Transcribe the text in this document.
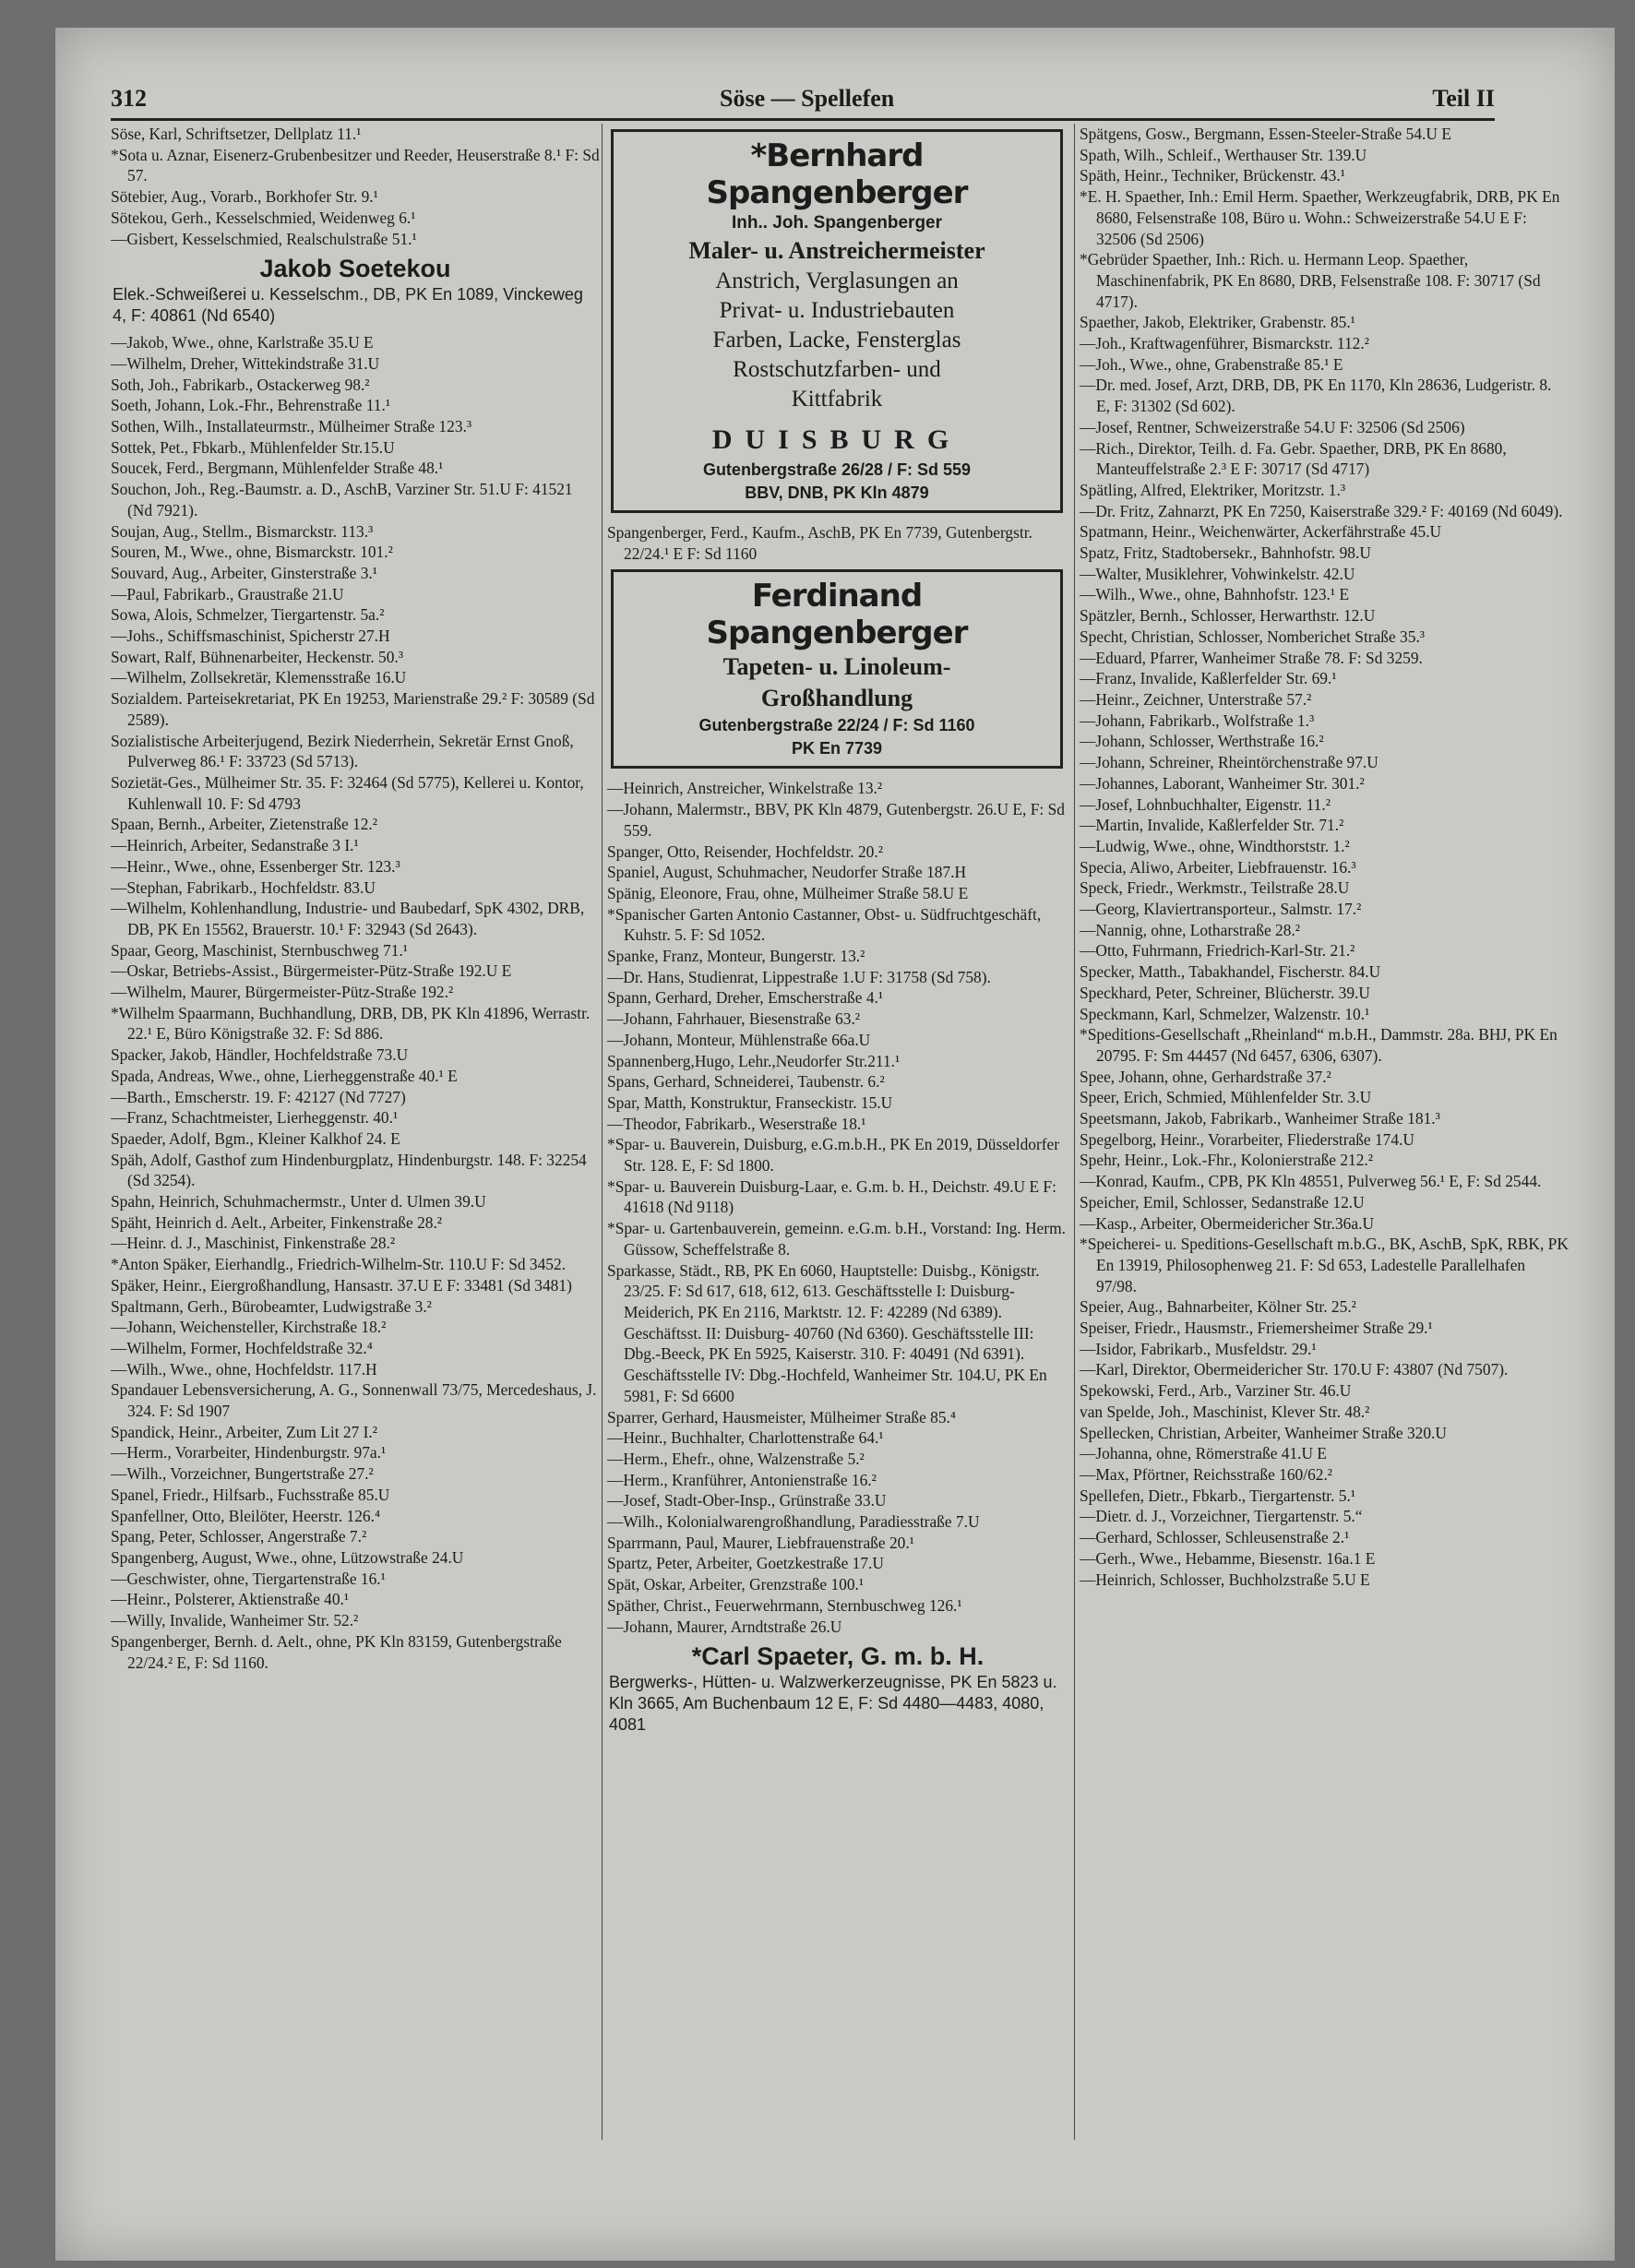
312	Söse — Spellefen	Teil II

Söse, Karl, Schriftsetzer, Dellplatz 11.¹

*Sota u. Aznar, Eisenerz-Grubenbesitzer und Reeder, Heuserstraße 8.¹ F: Sd 57.

Sötebier, Aug., Vorarb., Borkhofer Str. 9.¹

Sötekou, Gerh., Kesselschmied, Weidenweg 6.¹

—Gisbert, Kesselschmied, Realschulstraße 51.¹

Jakob Soetekou
Elek.-Schweißerei u. Kesselschm., DB, PK En 1089, Vinckeweg 4, F: 40861 (Nd 6540)

—Jakob, Wwe., ohne, Karlstraße 35.U E

—Wilhelm, Dreher, Wittekindstraße 31.U

Soth, Joh., Fabrikarb., Ostackerweg 98.²

Soeth, Johann, Lok.-Fhr., Behrenstraße 11.¹

Sothen, Wilh., Installateurmstr., Mülheimer Straße 123.³

Sottek, Pet., Fbkarb., Mühlenfelder Str.15.U

Soucek, Ferd., Bergmann, Mühlenfelder Straße 48.¹

Souchon, Joh., Reg.-Baumstr. a. D., AschB, Varziner Str. 51.U F: 41521 (Nd 7921).

Soujan, Aug., Stellm., Bismarckstr. 113.³

Souren, M., Wwe., ohne, Bismarckstr. 101.²

Souvard, Aug., Arbeiter, Ginsterstraße 3.¹

—Paul, Fabrikarb., Graustraße 21.U

Sowa, Alois, Schmelzer, Tiergartenstr. 5a.²

—Johs., Schiffsmaschinist, Spicherstr 27.H

Sowart, Ralf, Bühnenarbeiter, Heckenstr. 50.³

—Wilhelm, Zollsekretär, Klemensstraße 16.U

Sozialdem. Parteisekretariat, PK En 19253, Marienstraße 29.² F: 30589 (Sd 2589).

Sozialistische Arbeiterjugend, Bezirk Niederrhein, Sekretär Ernst Gnoß, Pulverweg 86.¹ F: 33723 (Sd 5713).

Sozietät-Ges., Mülheimer Str. 35. F: 32464 (Sd 5775), Kellerei u. Kontor, Kuhlenwall 10. F: Sd 4793

Spaan, Bernh., Arbeiter, Zietenstraße 12.²

—Heinrich, Arbeiter, Sedanstraße 3 I.¹

—Heinr., Wwe., ohne, Essenberger Str. 123.³

—Stephan, Fabrikarb., Hochfeldstr. 83.U

—Wilhelm, Kohlenhandlung, Industrie- und Baubedarf, SpK 4302, DRB, DB, PK En 15562, Brauerstr. 10.¹ F: 32943 (Sd 2643).

Spaar, Georg, Maschinist, Sternbuschweg 71.¹

—Oskar, Betriebs-Assist., Bürgermeister-Pütz-Straße 192.U E

—Wilhelm, Maurer, Bürgermeister-Pütz-Straße 192.²

*Wilhelm Spaarmann, Buchhandlung, DRB, DB, PK Kln 41896, Werrastr. 22.¹ E, Büro Königstraße 32. F: Sd 886.

Spacker, Jakob, Händler, Hochfeldstraße 73.U

Spada, Andreas, Wwe., ohne, Lierheggenstraße 40.¹ E

—Barth., Emscherstr. 19. F: 42127 (Nd 7727)

—Franz, Schachtmeister, Lierheggenstr. 40.¹

Spaeder, Adolf, Bgm., Kleiner Kalkhof 24. E

Späh, Adolf, Gasthof zum Hindenburgplatz, Hindenburgstr. 148. F: 32254 (Sd 3254).

Spahn, Heinrich, Schuhmachermstr., Unter d. Ulmen 39.U

Späht, Heinrich d. Aelt., Arbeiter, Finkenstraße 28.²

—Heinr. d. J., Maschinist, Finkenstraße 28.²

*Anton Späker, Eierhandlg., Friedrich-Wilhelm-Str. 110.U F: Sd 3452.

Späker, Heinr., Eiergroßhandlung, Hansastr. 37.U E F: 33481 (Sd 3481)

Spaltmann, Gerh., Bürobeamter, Ludwigstraße 3.²

—Johann, Weichensteller, Kirchstraße 18.²

—Wilhelm, Former, Hochfeldstraße 32.⁴

—Wilh., Wwe., ohne, Hochfeldstr. 117.H

Spandauer Lebensversicherung, A. G., Sonnenwall 73/75, Mercedeshaus, J. 324. F: Sd 1907

Spandick, Heinr., Arbeiter, Zum Lit 27 I.²

—Herm., Vorarbeiter, Hindenburgstr. 97a.¹

—Wilh., Vorzeichner, Bungertstraße 27.²

Spanel, Friedr., Hilfsarb., Fuchsstraße 85.U

Spanfellner, Otto, Bleilöter, Heerstr. 126.⁴

Spang, Peter, Schlosser, Angerstraße 7.²

Spangenberg, August, Wwe., ohne, Lützowstraße 24.U

—Geschwister, ohne, Tiergartenstraße 16.¹

—Heinr., Polsterer, Aktienstraße 40.¹

—Willy, Invalide, Wanheimer Str. 52.²

Spangenberger, Bernh. d. Aelt., ohne, PK Kln 83159, Gutenbergstraße 22/24.² E, F: Sd 1160.

*Bernhard Spangenberger
Inh.. Joh. Spangenberger
Maler- u. Anstreichermeister
Anstrich, Verglasungen an
Privat- u. Industriebauten
Farben, Lacke, Fensterglas
Rostschutzfarben- und
Kittfabrik
DUISBURG
Gutenbergstraße 26/28 / F: Sd 559
BBV, DNB, PK Kln 4879

Spangenberger, Ferd., Kaufm., AschB, PK En 7739, Gutenbergstr. 22/24.¹ E F: Sd 1160

Ferdinand Spangenberger
Tapeten- u. Linoleum-
Großhandlung
Gutenbergstraße 22/24 / F: Sd 1160
PK En 7739

—Heinrich, Anstreicher, Winkelstraße 13.²

—Johann, Malermstr., BBV, PK Kln 4879, Gutenbergstr. 26.U E, F: Sd 559.

Spanger, Otto, Reisender, Hochfeldstr. 20.²

Spaniel, August, Schuhmacher, Neudorfer Straße 187.H

Spänig, Eleonore, Frau, ohne, Mülheimer Straße 58.U E

*Spanischer Garten Antonio Castanner, Obst- u. Südfruchtgeschäft, Kuhstr. 5. F: Sd 1052.

Spanke, Franz, Monteur, Bungerstr. 13.²

—Dr. Hans, Studienrat, Lippestraße 1.U F: 31758 (Sd 758).

Spann, Gerhard, Dreher, Emscherstraße 4.¹

—Johann, Fahrhauer, Biesenstraße 63.²

—Johann, Monteur, Mühlenstraße 66a.U

Spannenberg,Hugo, Lehr.,Neudorfer Str.211.¹

Spans, Gerhard, Schneiderei, Taubenstr. 6.²

Spar, Matth, Konstruktur, Franseckistr. 15.U

—Theodor, Fabrikarb., Weserstraße 18.¹

*Spar- u. Bauverein, Duisburg, e.G.m.b.H., PK En 2019, Düsseldorfer Str. 128. E, F: Sd 1800.

*Spar- u. Bauverein Duisburg-Laar, e. G.m. b. H., Deichstr. 49.U E F: 41618 (Nd 9118)

*Spar- u. Gartenbauverein, gemeinn. e.G.m. b.H., Vorstand: Ing. Herm. Güssow, Scheffelstraße 8.

Sparkasse, Städt., RB, PK En 6060, Hauptstelle: Duisbg., Königstr. 23/25. F: Sd 617, 618, 612, 613. Geschäftsstelle I: Duisburg-Meiderich, PK En 2116, Marktstr. 12. F: 42289 (Nd 6389). Geschäftsst. II: Duisburg- 40760 (Nd 6360). Geschäftsstelle III: Dbg.-Beeck, PK En 5925, Kaiserstr. 310. F: 40491 (Nd 6391). Geschäftsstelle IV: Dbg.-Hochfeld, Wanheimer Str. 104.U, PK En 5981, F: Sd 6600

Sparrer, Gerhard, Hausmeister, Mülheimer Straße 85.⁴

—Heinr., Buchhalter, Charlottenstraße 64.¹

—Herm., Ehefr., ohne, Walzenstraße 5.²

—Herm., Kranführer, Antonienstraße 16.²

—Josef, Stadt-Ober-Insp., Grünstraße 33.U

—Wilh., Kolonialwarengroßhandlung, Paradiesstraße 7.U

Sparrmann, Paul, Maurer, Liebfrauenstraße 20.¹

Spartz, Peter, Arbeiter, Goetzkestraße 17.U

Spät, Oskar, Arbeiter, Grenzstraße 100.¹

Späther, Christ., Feuerwehrmann, Sternbuschweg 126.¹

—Johann, Maurer, Arndtstraße 26.U

*Carl Spaeter, G. m. b. H.
Bergwerks-, Hütten- u. Walzwerkerzeugnisse, PK En 5823 u. Kln 3665, Am Buchenbaum 12 E, F: Sd 4480—4483, 4080, 4081

Spätgens, Gosw., Bergmann, Essen-Steeler-Straße 54.U E

Spath, Wilh., Schleif., Werthauser Str. 139.U

Späth, Heinr., Techniker, Brückenstr. 43.¹

*E. H. Spaether, Inh.: Emil Herm. Spaether, Werkzeugfabrik, DRB, PK En 8680, Felsenstraße 108, Büro u. Wohn.: Schweizerstraße 54.U E F: 32506 (Sd 2506)

*Gebrüder Spaether, Inh.: Rich. u. Hermann Leop. Spaether, Maschinenfabrik, PK En 8680, DRB, Felsenstraße 108. F: 30717 (Sd 4717).

Spaether, Jakob, Elektriker, Grabenstr. 85.¹

—Joh., Kraftwagenführer, Bismarckstr. 112.²

—Joh., Wwe., ohne, Grabenstraße 85.¹ E

—Dr. med. Josef, Arzt, DRB, DB, PK En 1170, Kln 28636, Ludgeristr. 8. E, F: 31302 (Sd 602).

—Josef, Rentner, Schweizerstraße 54.U F: 32506 (Sd 2506)

—Rich., Direktor, Teilh. d. Fa. Gebr. Spaether, DRB, PK En 8680, Manteuffelstraße 2.³ E F: 30717 (Sd 4717)

Spätling, Alfred, Elektriker, Moritzstr. 1.³

—Dr. Fritz, Zahnarzt, PK En 7250, Kaiserstraße 329.² F: 40169 (Nd 6049).

Spatmann, Heinr., Weichenwärter, Ackerfährstraße 45.U

Spatz, Fritz, Stadtobersekr., Bahnhofstr. 98.U

—Walter, Musiklehrer, Vohwinkelstr. 42.U

—Wilh., Wwe., ohne, Bahnhofstr. 123.¹ E

Spätzler, Bernh., Schlosser, Herwarthstr. 12.U

Specht, Christian, Schlosser, Nomberichet Straße 35.³

—Eduard, Pfarrer, Wanheimer Straße 78. F: Sd 3259.

—Franz, Invalide, Kaßlerfelder Str. 69.¹

—Heinr., Zeichner, Unterstraße 57.²

—Johann, Fabrikarb., Wolfstraße 1.³

—Johann, Schlosser, Werthstraße 16.²

—Johann, Schreiner, Rheintörchenstraße 97.U

—Johannes, Laborant, Wanheimer Str. 301.²

—Josef, Lohnbuchhalter, Eigenstr. 11.²

—Martin, Invalide, Kaßlerfelder Str. 71.²

—Ludwig, Wwe., ohne, Windthorststr. 1.²

Specia, Aliwo, Arbeiter, Liebfrauenstr. 16.³

Speck, Friedr., Werkmstr., Teilstraße 28.U

—Georg, Klaviertransporteur., Salmstr. 17.²

—Nannig, ohne, Lotharstraße 28.²

—Otto, Fuhrmann, Friedrich-Karl-Str. 21.²

Specker, Matth., Tabakhandel, Fischerstr. 84.U

Speckhard, Peter, Schreiner, Blücherstr. 39.U

Speckmann, Karl, Schmelzer, Walzenstr. 10.¹

*Speditions-Gesellschaft „Rheinland“ m.b.H., Dammstr. 28a. BHJ, PK En 20795. F: Sm 44457 (Nd 6457, 6306, 6307).

Spee, Johann, ohne, Gerhardstraße 37.²

Speer, Erich, Schmied, Mühlenfelder Str. 3.U

Speetsmann, Jakob, Fabrikarb., Wanheimer Straße 181.³

Spegelborg, Heinr., Vorarbeiter, Fliederstraße 174.U

Spehr, Heinr., Lok.-Fhr., Kolonierstraße 212.²

—Konrad, Kaufm., CPB, PK Kln 48551, Pulverweg 56.¹ E, F: Sd 2544.

Speicher, Emil, Schlosser, Sedanstraße 12.U

—Kasp., Arbeiter, Obermeidericher Str.36a.U

*Speicherei- u. Speditions-Gesellschaft m.b.G., BK, AschB, SpK, RBK, PK En 13919, Philosophenweg 21. F: Sd 653, Ladestelle Parallelhafen 97/98.

Speier, Aug., Bahnarbeiter, Kölner Str. 25.²

Speiser, Friedr., Hausmstr., Friemersheimer Straße 29.¹

—Isidor, Fabrikarb., Musfeldstr. 29.¹

—Karl, Direktor, Obermeidericher Str. 170.U F: 43807 (Nd 7507).

Spekowski, Ferd., Arb., Varziner Str. 46.U

van Spelde, Joh., Maschinist, Klever Str. 48.²

Spellecken, Christian, Arbeiter, Wanheimer Straße 320.U

—Johanna, ohne, Römerstraße 41.U E

—Max, Pförtner, Reichsstraße 160/62.²

Spellefen, Dietr., Fbkarb., Tiergartenstr. 5.¹

—Dietr. d. J., Vorzeichner, Tiergartenstr. 5.“

—Gerhard, Schlosser, Schleusenstraße 2.¹

—Gerh., Wwe., Hebamme, Biesenstr. 16a.1 E

—Heinrich, Schlosser, Buchholzstraße 5.U E
